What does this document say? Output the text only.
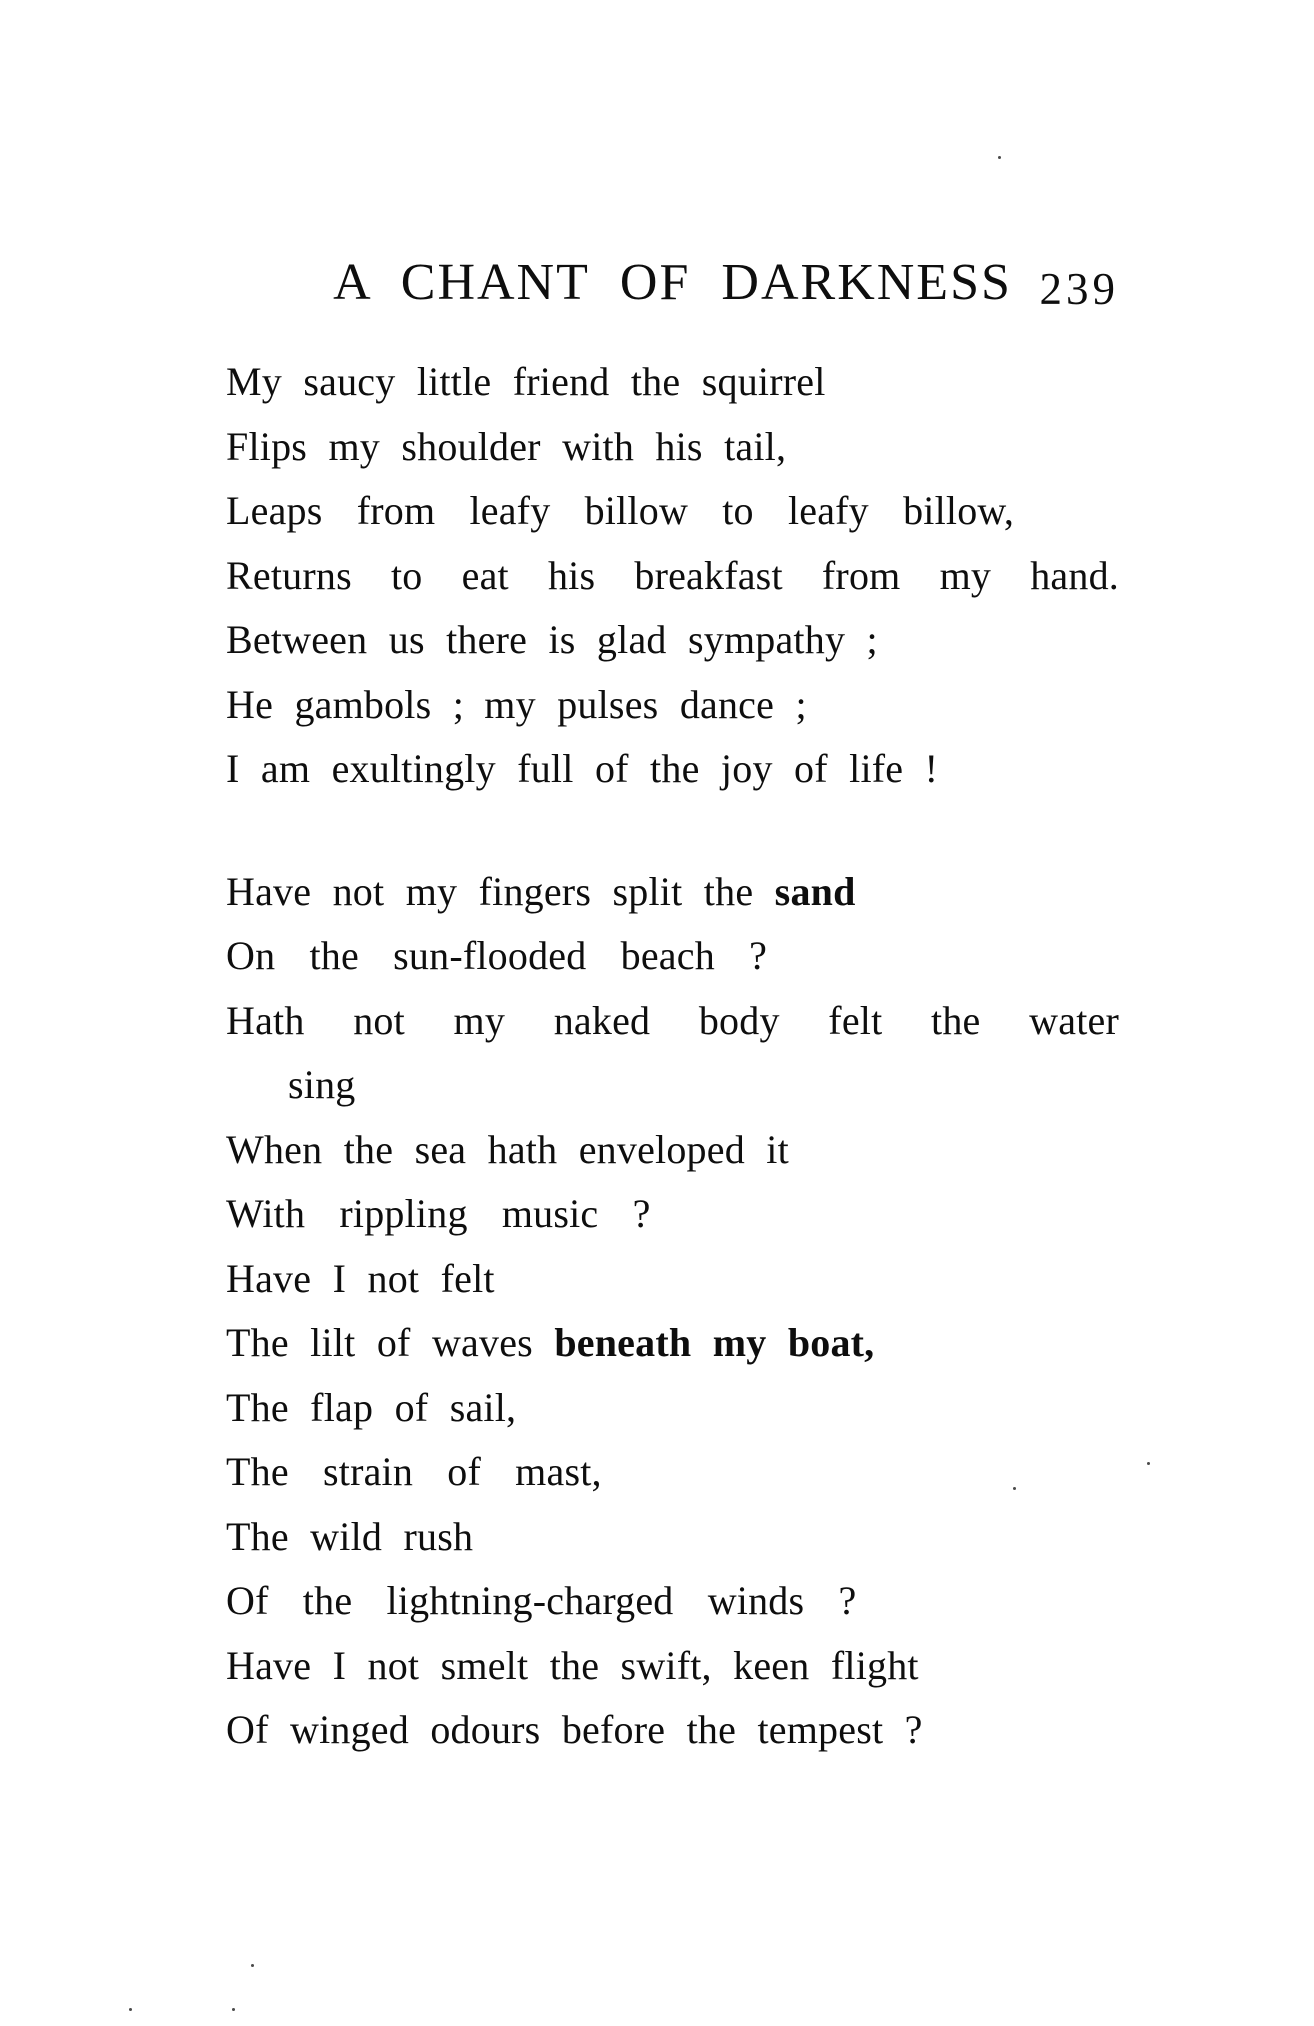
A CHANT OF DARKNESS 239
My saucy little friend the squirrel
Flips my shoulder with his tail,
Leaps from leafy billow to leafy billow,
Returns to eat his breakfast from my hand.
Between us there is glad sympathy ;
He gambols ; my pulses dance ;
I am exultingly full of the joy of life !
Have not my fingers split the sand
On the sun-flooded beach ?
Hath not my naked body felt the water
sing
When the sea hath enveloped it
With rippling music ?
Have I not felt
The lilt of waves beneath my boat,
The flap of sail,
The strain of mast,
The wild rush
Of the lightning-charged winds ?
Have I not smelt the swift, keen flight
Of winged odours before the tempest ?
